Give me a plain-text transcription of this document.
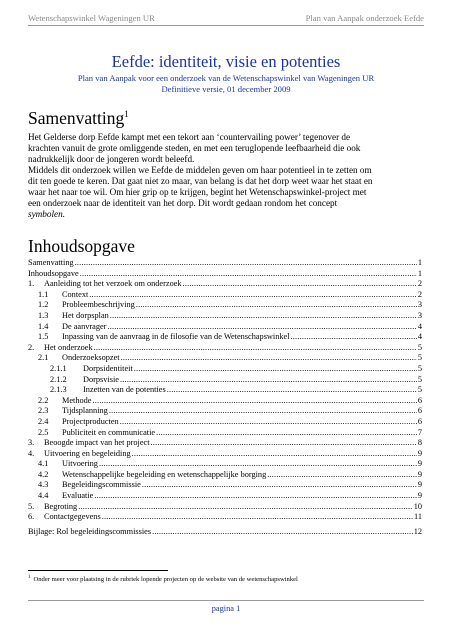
Wetenschapswinkel Wageningen UR	Plan van Aanpak onderzoek Eefde
Eefde: identiteit, visie en potenties
Plan van Aanpak voor een onderzoek van de Wetenschapswinkel van Wageningen UR
Definitieve versie, 01 december 2009
Samenvatting$^1$
Het Gelderse dorp Eefde kampt met een tekort aan ‘countervailing power’ tegenover de
krachten vanuit de grote omliggende steden, en met een teruglopende leefbaarheid die ook
nadrukkelijk door de jongeren wordt beleefd.
Middels dit onderzoek willen we Eefde de middelen geven om haar potentieel in te zetten om
dit ten goede te keren. Dat gaat niet zo maar, van belang is dat het dorp weet waar het staat en
waar het naar toe wil. Om hier grip op te krijgen, begint het Wetenschapswinkel-project met
een onderzoek naar de identiteit van het dorp. Dit wordt gedaan rondom het concept
symbolen.
Inhoudsopgave
Samenvatting .....	1
Inhoudsopgave .....	1
1.	Aanleiding tot het verzoek om onderzoek .....	2
1.1	Context .....	2
1.2	Probleembeschrijving .....	3
1.3	Het dorpsplan .....	3
1.4	De aanvrager .....	4
1.5	Inpassing van de aanvraag in de filosofie van de Wetenschapswinkel .....	4
2.	Het onderzoek .....	5
2.1	Onderzoeksopzet .....	5
2.1.1	Dorpsidentiteit .....	5
2.1.2	Dorpsvisie .....	5
2.1.3	Inzetten van de potenties .....	5
2.2	Methode .....	6
2.3	Tijdsplanning .....	6
2.4	Projectproducten .....	6
2.5	Publiciteit en communicatie .....	7
3.	Beoogde impact van het project .....	8
4.	Uitvoering en begeleiding .....	9
4.1	Uitvoering .....	9
4.2	Wetenschappelijke begeleiding en wetenschappelijke borging .....	9
4.3	Begeleidingscommissie .....	9
4.4	Evaluatie .....	9
5.	Begroting .....	10
6.	Contactgegevens .....	11
Bijlage: Rol begeleidingscommissies .....	12
$^1$ Onder meer voor plaatsing in de rubriek lopende projecten op de website van de wetenschapswinkel
pagina 1
